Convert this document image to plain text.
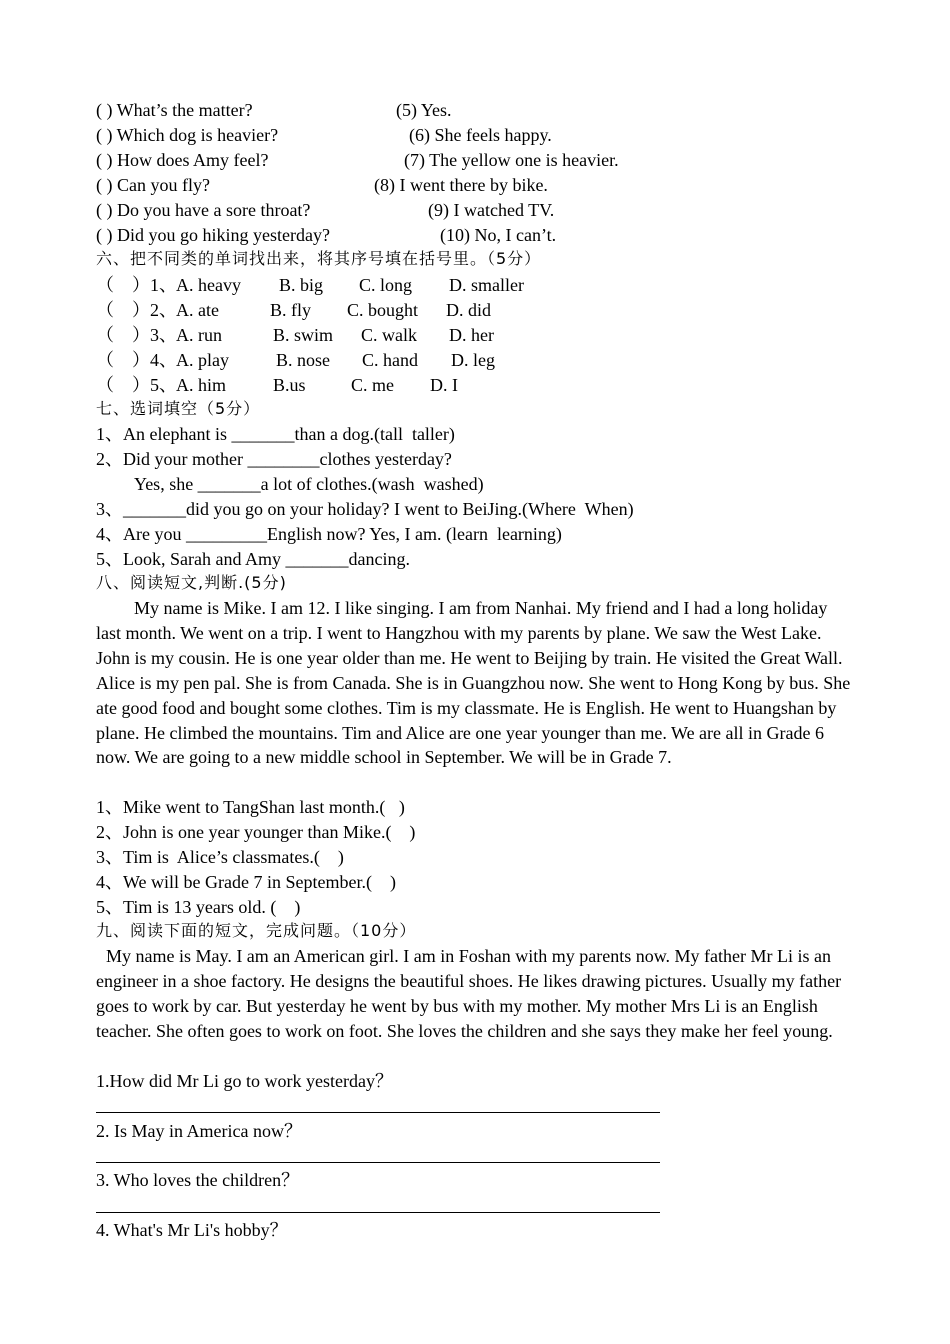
( ) What’s the matter?	(5) Yes.
( ) Which dog is heavier?	(6) She feels happy.
( ) How does Amy feel?	(7) The yellow one is heavier.
( ) Can you fly?	(8) I went there by bike.
( ) Do you have a sore throat?	(9) I watched TV.
( ) Did you go hiking yesterday?	(10) No, I can’t.
六、把不同类的单词找出来，将其序号填在括号里。（5分）
（　）1、 A. heavy B. big C. long D. smaller
（　）2、 A. ate	B. fly C. bought D. did
（　）3、 A. run	B. swim C. walk D. her
（　）4、 A. play	B. nose C. hand D. leg
（　）5、 A. him	B.us	C. me D. I
七、选词填空（5分）
1、An elephant is _______than a dog.(tall  taller)
2、Did your mother ________clothes yesterday?
Yes, she _______a lot of clothes.(wash  washed)
3、_______did you go on your holiday? I went to BeiJing.(Where  When)
4、Are you _________English now? Yes, I am. (learn  learning)
5、Look, Sarah and Amy _______dancing.
八、阅读短文,判断.(5分)

My name is Mike. I am 12. I like singing. I am from Nanhai. My friend and I had a long holiday last month. We went on a trip. I went to Hangzhou with my parents by plane. We saw the West Lake. John is my cousin. He is one year older than me. He went to Beijing by train. He visited the Great Wall. Alice is my pen pal. She is from Canada. She is in Guangzhou now. She went to Hong Kong by bus. She ate good food and bought some clothes. Tim is my classmate. He is English. He went to Huangshan by plane. He climbed the mountains. Tim and Alice are one year younger than me. We are all in Grade 6 now. We are going to a new middle school in September. We will be in Grade 7.

1、Mike went to TangShan last month.(   )
2、John is one year younger than Mike.(    )
3、Tim is  Alice’s classmates.(    )
4、We will be Grade 7 in September.(    )
5、Tim is 13 years old. (    )
九、阅读下面的短文，完成问题。（10分）

My name is May. I am an American girl. I am in Foshan with my parents now. My father Mr Li is an engineer in a shoe factory. He designs the beautiful shoes. He likes drawing pictures. Usually my father goes to work by car. But yesterday he went by bus with my mother. My mother Mrs Li is an English teacher. She often goes to work on foot. She loves the children and she says they make her feel young.

1.How did Mr Li go to work yesterday？
2. Is May in America now？
3. Who loves the children？
4. What's Mr Li's hobby？
